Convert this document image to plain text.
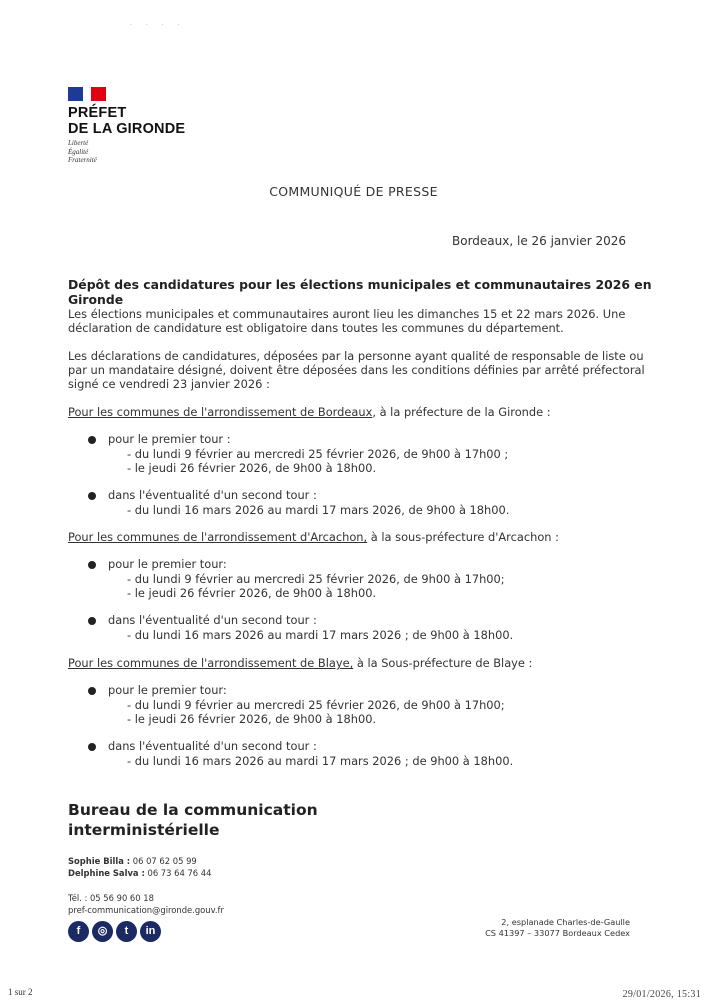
· · · ·
PRÉFET
DE LA GIRONDE
Liberté
Égalité
Fraternité
COMMUNIQUÉ DE PRESSE
Bordeaux, le 26 janvier 2026
Dépôt des candidatures pour les élections municipales et communautaires 2026 en Gironde
Les élections municipales et communautaires auront lieu les dimanches 15 et 22 mars 2026. Une
déclaration de candidature est obligatoire dans toutes les communes du département.
Les déclarations de candidatures, déposées par la personne ayant qualité de responsable de liste ou
par un mandataire désigné, doivent être déposées dans les conditions définies par arrêté préfectoral
signé ce vendredi 23 janvier 2026 :
Pour les communes de l'arrondissement de Bordeaux, à la préfecture de la Gironde :
pour le premier tour :
- du lundi 9 février au mercredi 25 février 2026, de 9h00 à 17h00 ;
- le jeudi 26 février 2026, de 9h00 à 18h00.
dans l'éventualité d'un second tour :
- du lundi 16 mars 2026 au mardi 17 mars 2026, de 9h00 à 18h00.
Pour les communes de l'arrondissement d'Arcachon, à la sous-préfecture d'Arcachon :
pour le premier tour:
- du lundi 9 février au mercredi 25 février 2026, de 9h00 à 17h00;
- le jeudi 26 février 2026, de 9h00 à 18h00.
dans l'éventualité d'un second tour :
- du lundi 16 mars 2026 au mardi 17 mars 2026 ; de 9h00 à 18h00.
Pour les communes de l'arrondissement de Blaye, à la Sous-préfecture de Blaye :
pour le premier tour:
- du lundi 9 février au mercredi 25 février 2026, de 9h00 à 17h00;
- le jeudi 26 février 2026, de 9h00 à 18h00.
dans l'éventualité d'un second tour :
- du lundi 16 mars 2026 au mardi 17 mars 2026 ; de 9h00 à 18h00.
Bureau de la communication
interministérielle
Sophie Billa : 06 07 62 05 99
Delphine Salva : 06 73 64 76 44
Tél. : 05 56 90 60 18
pref-communication@gironde.gouv.fr
f	◎	t	in
2, esplanade Charles-de-Gaulle
CS 41397 – 33077 Bordeaux Cedex
1 sur 2	29/01/2026, 15:31
